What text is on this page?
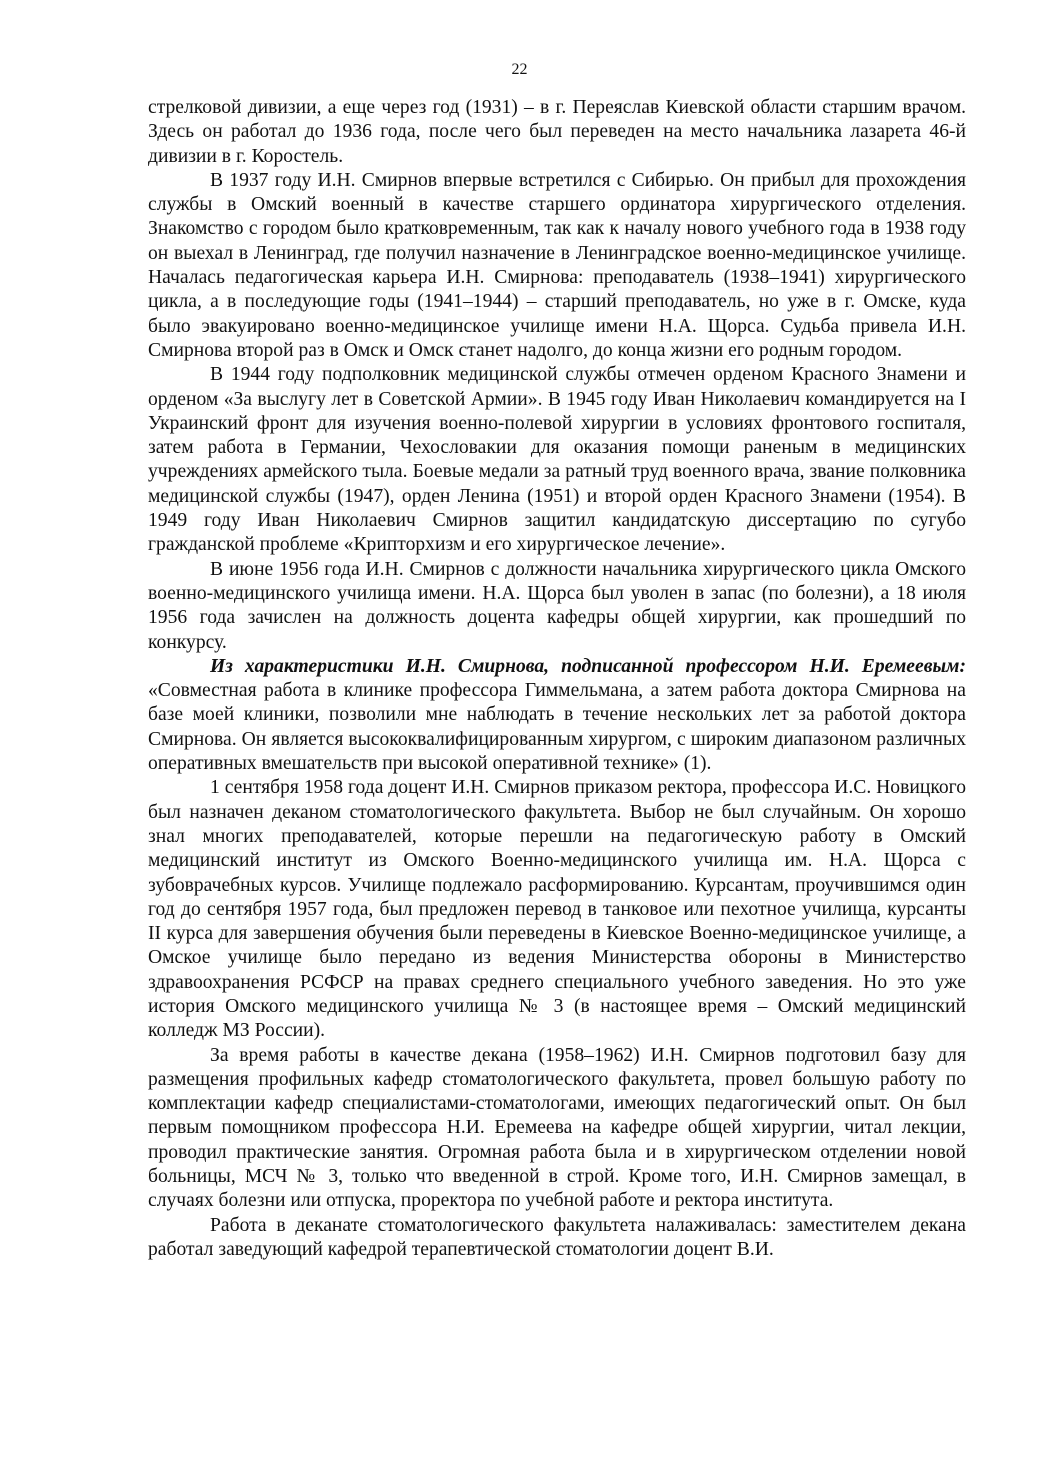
22

стрелковой дивизии, а еще через год (1931) – в г. Переяслав Киевской области старшим врачом. Здесь он работал до 1936 года, после чего был переведен на место начальника лазарета 46-й дивизии в г. Коростель.

В 1937 году И.Н. Смирнов впервые встретился с Сибирью. Он прибыл для прохождения службы в Омский военный в качестве старшего ординатора хирургического отделения. Знакомство с городом было кратковременным, так как к началу нового учебного года в 1938 году он выехал в Ленинград, где получил назначение в Ленинградское военно-медицинское училище. Началась педагогическая карьера И.Н. Смирнова: преподаватель (1938–1941) хирургического цикла, а в последующие годы (1941–1944) – старший преподаватель, но уже в г. Омске, куда было эвакуировано военно-медицинское училище имени Н.А. Щорса. Судьба привела И.Н. Смирнова второй раз в Омск и Омск станет надолго, до конца жизни его родным городом.

В 1944 году подполковник медицинской службы отмечен орденом Красного Знамени и орденом «За выслугу лет в Советской Армии». В 1945 году Иван Николаевич командируется на I Украинский фронт для изучения военно-полевой хирургии в условиях фронтового госпиталя, затем работа в Германии, Чехословакии для оказания помощи раненым в медицинских учреждениях армейского тыла. Боевые медали за ратный труд военного врача, звание полковника медицинской службы (1947), орден Ленина (1951) и второй орден Красного Знамени (1954). В 1949 году Иван Николаевич Смирнов защитил кандидатскую диссертацию по сугубо гражданской проблеме «Крипторхизм и его хирургическое лечение».

В июне 1956 года И.Н. Смирнов с должности начальника хирургического цикла Омского военно-медицинского училища имени. Н.А. Щорса был уволен в запас (по болезни), а 18 июля 1956 года зачислен на должность доцента кафедры общей хирургии, как прошедший по конкурсу.

Из характеристики И.Н. Смирнова, подписанной профессором Н.И. Еремеевым: «Совместная работа в клинике профессора Гиммельмана, а затем работа доктора Смирнова на базе моей клиники, позволили мне наблюдать в течение нескольких лет за работой доктора Смирнова. Он является высококвалифицированным хирургом, с широким диапазоном различных оперативных вмешательств при высокой оперативной технике» (1).

1 сентября 1958 года доцент И.Н. Смирнов приказом ректора, профессора И.С. Новицкого был назначен деканом стоматологического факультета. Выбор не был случайным. Он хорошо знал многих преподавателей, которые перешли на педагогическую работу в Омский медицинский институт из Омского Военно-медицинского училища им. Н.А. Щорса с зубоврачебных курсов. Училище подлежало расформированию. Курсантам, проучившимся один год до сентября 1957 года, был предложен перевод в танковое или пехотное училища, курсанты II курса для завершения обучения были переведены в Киевское Военно-медицинское училище, а Омское училище было передано из ведения Министерства обороны в Министерство здравоохранения РСФСР на правах среднего специального учебного заведения. Но это уже история Омского медицинского училища № 3 (в настоящее время – Омский медицинский колледж МЗ России).

За время работы в качестве декана (1958–1962) И.Н. Смирнов подготовил базу для размещения профильных кафедр стоматологического факультета, провел большую работу по комплектации кафедр специалистами-стоматологами, имеющих педагогический опыт. Он был первым помощником профессора Н.И. Еремеева на кафедре общей хирургии, читал лекции, проводил практические занятия. Огромная работа была и в хирургическом отделении новой больницы, МСЧ № 3, только что введенной в строй. Кроме того, И.Н. Смирнов замещал, в случаях болезни или отпуска, проректора по учебной работе и ректора института.

Работа в деканате стоматологического факультета налаживалась: заместителем декана работал заведующий кафедрой терапевтической стоматологии доцент В.И.
